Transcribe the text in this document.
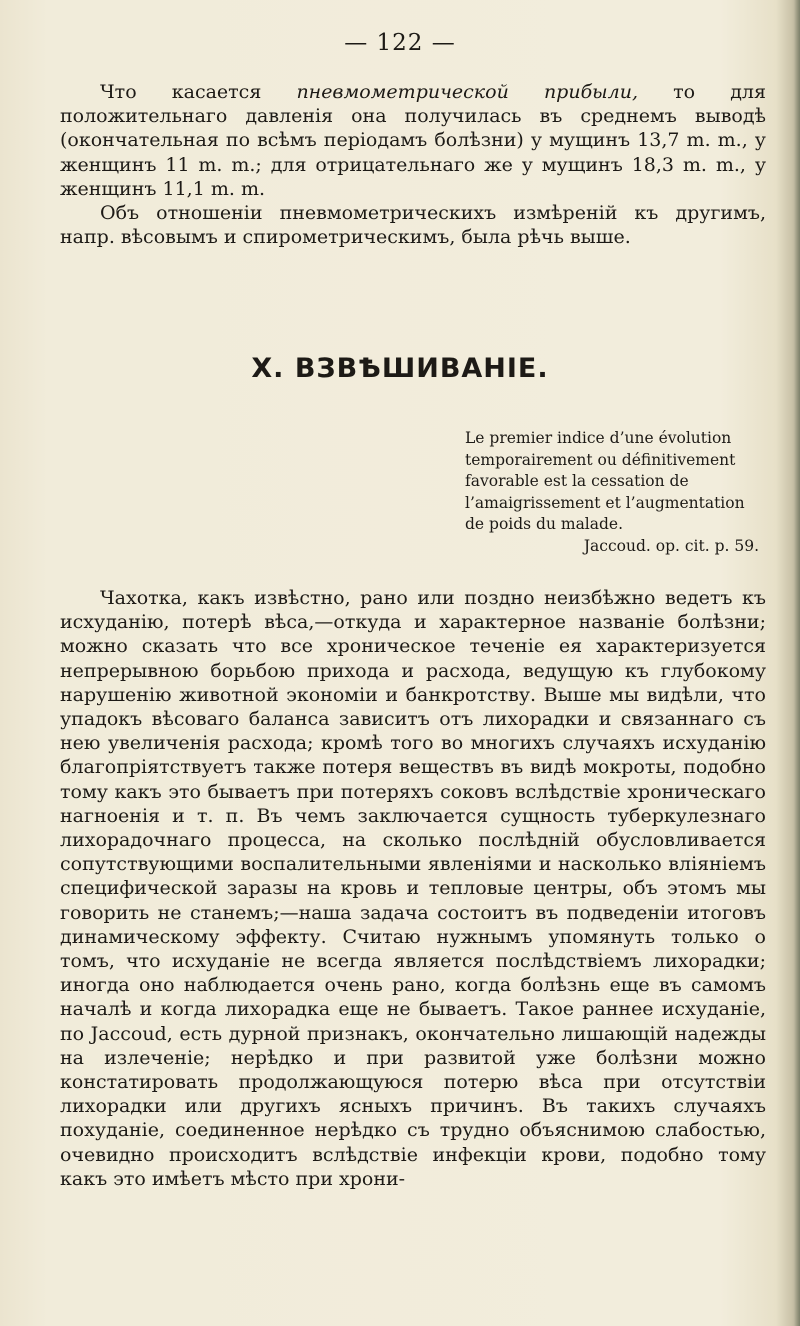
— 122 —

Что касается пневмометрической прибыли, то для положительнаго давленія она получилась въ среднемъ выводѣ (окончательная по всѣмъ періодамъ болѣзни) у мущинъ 13,7 m. m., у женщинъ 11 m. m.; для отрицательнаго же у мущинъ 18,3 m. m., у женщинъ 11,1 m. m.

Объ отношеніи пневмометрическихъ измѣреній къ другимъ, напр. вѣсовымъ и спирометрическимъ, была рѣчь выше.

X. ВЗВѢШИВАНІЕ.

Le premier indice d’une évolution temporairement ou définitivement favorable est la cessation de l’amaigrissement et l’augmentation de poids du malade.

Jaccoud. op. cit. p. 59.

Чахотка, какъ извѣстно, рано или поздно неизбѣжно ведетъ къ исхуданію, потерѣ вѣса,—откуда и характерное названіе болѣзни; можно сказать что все хроническое теченіе ея характеризуется непрерывною борьбою прихода и расхода, ведущую къ глубокому нарушенію животной экономіи и банкротству. Выше мы видѣли, что упадокъ вѣсоваго баланса зависитъ отъ лихорадки и связаннаго съ нею увеличенія расхода; кромѣ того во многихъ случаяхъ исхуданію благопріятствуетъ также потеря веществъ въ видѣ мокроты, подобно тому какъ это бываетъ при потеряхъ соковъ вслѣдствіе хроническаго нагноенія и т. п. Въ чемъ заключается сущность туберкулезнаго лихорадочнаго процесса, на сколько послѣдній обусловливается сопутствующими воспалительными явленіями и насколько вліяніемъ специфической заразы на кровь и тепловые центры, объ этомъ мы говорить не станемъ;—наша задача состоитъ въ подведеніи итоговъ динамическому эффекту. Считаю нужнымъ упомянуть только о томъ, что исхуданіе не всегда является послѣдствіемъ лихорадки; иногда оно наблюдается очень рано, когда болѣзнь еще въ самомъ началѣ и когда лихорадка еще не бываетъ. Такое раннее исхуданіе, по Jaccoud, есть дурной признакъ, окончательно лишающій надежды на излеченіе; нерѣдко и при развитой уже болѣзни можно констатировать продолжающуюся потерю вѣса при отсутствіи лихорадки или другихъ ясныхъ причинъ. Въ такихъ случаяхъ похуданіе, соединенное нерѣдко съ трудно объяснимою слабостью, очевидно происходитъ вслѣдствіе инфекціи крови, подобно тому какъ это имѣетъ мѣсто при хрони-
